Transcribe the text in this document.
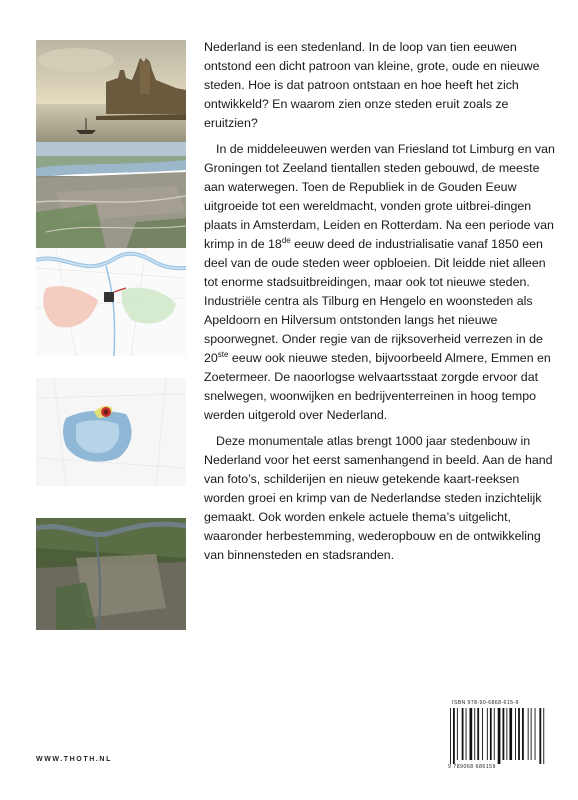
Nederland is een stedenland. In de loop van tien eeuwen ontstond een dicht patroon van kleine, grote, oude en nieuwe steden. Hoe is dat patroon ontstaan en hoe heeft het zich ontwikkeld? En waarom zien onze steden eruit zoals ze eruitzien?

In de middeleeuwen werden van Friesland tot Limburg en van Groningen tot Zeeland tientallen steden gebouwd, de meeste aan waterwegen. Toen de Republiek in de Gouden Eeuw uitgroeide tot een wereldmacht, vonden grote uitbrei-dingen plaats in Amsterdam, Leiden en Rotterdam. Na een periode van krimp in de 18de eeuw deed de industrialisatie vanaf 1850 een deel van de oude steden weer opbloeien. Dit leidde niet alleen tot enorme stadsuitbreidingen, maar ook tot nieuwe steden. Industriële centra als Tilburg en Hengelo en woonsteden als Apeldoorn en Hilversum ontstonden langs het nieuwe spoorwegnet. Onder regie van de rijksoverheid verrezen in de 20ste eeuw ook nieuwe steden, bijvoorbeeld Almere, Emmen en Zoetermeer. De naoorlogse welvaartsstaat zorgde ervoor dat snelwegen, woonwijken en bedrijventerreinen in hoog tempo werden uitgerold over Nederland.

Deze monumentale atlas brengt 1000 jaar stedenbouw in Nederland voor het eerst samenhangend in beeld. Aan de hand van foto’s, schilderijen en nieuw getekende kaart-reeksen worden groei en krimp van de Nederlandse steden inzichtelijk gemaakt. Ook worden enkele actuele thema’s uitgelicht, waaronder herbestemming, wederopbouw en de ontwikkeling van binnensteden en stadsranden.

WWW.THOTH.NL
ISBN 978-90-6868-615-9
9 789068 686159
